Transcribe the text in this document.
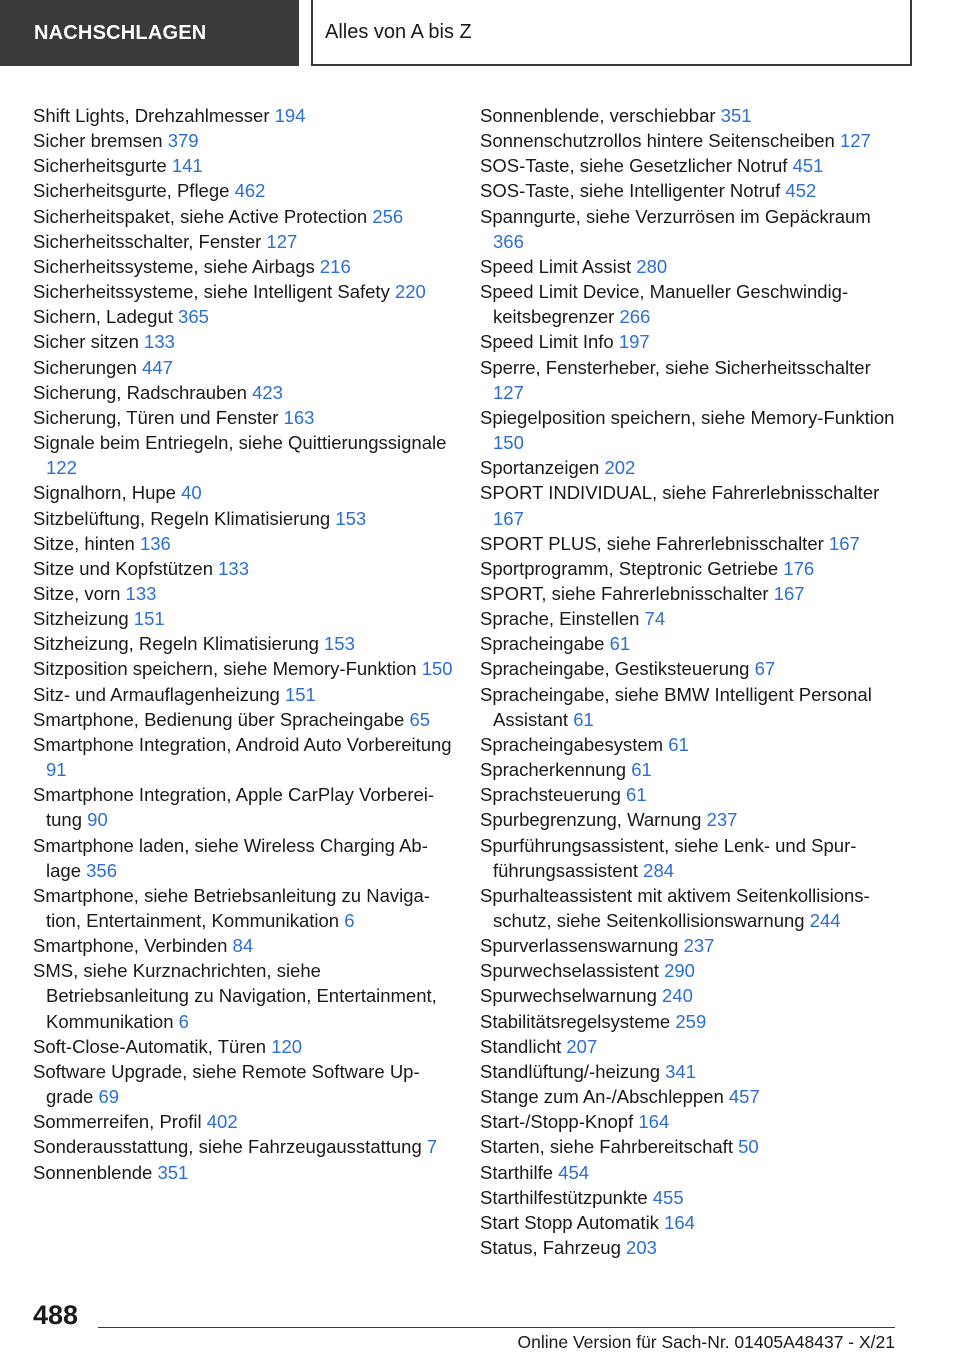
NACHSCHLAGEN	Alles von A bis Z

Shift Lights, Drehzahlmesser 194

Sicher bremsen 379

Sicherheitsgurte 141

Sicherheitsgurte, Pflege 462

Sicherheitspaket, siehe Active Protection 256

Sicherheitsschalter, Fenster 127

Sicherheitssysteme, siehe Airbags 216

Sicherheitssysteme, siehe Intelligent Safety 220

Sichern, Ladegut 365

Sicher sitzen 133

Sicherungen 447

Sicherung, Radschrauben 423

Sicherung, Türen und Fenster 163

Signale beim Entriegeln, siehe Quittierungssignale 122

Signalhorn, Hupe 40

Sitzbelüftung, Regeln Klimatisierung 153

Sitze, hinten 136

Sitze und Kopfstützen 133

Sitze, vorn 133

Sitzheizung 151

Sitzheizung, Regeln Klimatisierung 153

Sitzposition speichern, siehe Memory-Funktion 150

Sitz- und Armauflagenheizung 151

Smartphone, Bedienung über Spracheingabe 65

Smartphone Integration, Android Auto Vorbereitung 91

Smartphone Integration, Apple CarPlay Vorbereitung 90

Smartphone laden, siehe Wireless Charging Ablage 356

Smartphone, siehe Betriebsanleitung zu Navigation, Entertainment, Kommunikation 6

Smartphone, Verbinden 84

SMS, siehe Kurznachrichten, siehe Betriebsanleitung zu Navigation, Entertainment, Kommunikation 6

Soft-Close-Automatik, Türen 120

Software Upgrade, siehe Remote Software Upgrade 69

Sommerreifen, Profil 402

Sonderausstattung, siehe Fahrzeugausstattung 7

Sonnenblende 351

Sonnenblende, verschiebbar 351

Sonnenschutzrollos hintere Seitenscheiben 127

SOS-Taste, siehe Gesetzlicher Notruf 451

SOS-Taste, siehe Intelligenter Notruf 452

Spanngurte, siehe Verzurrösen im Gepäckraum 366

Speed Limit Assist 280

Speed Limit Device, Manueller Geschwindigkeitsbegrenzer 266

Speed Limit Info 197

Sperre, Fensterheber, siehe Sicherheitsschalter 127

Spiegelposition speichern, siehe Memory-Funktion 150

Sportanzeigen 202

SPORT INDIVIDUAL, siehe Fahrerlebnisschalter 167

SPORT PLUS, siehe Fahrerlebnisschalter 167

Sportprogramm, Steptronic Getriebe 176

SPORT, siehe Fahrerlebnisschalter 167

Sprache, Einstellen 74

Spracheingabe 61

Spracheingabe, Gestiksteuerung 67

Spracheingabe, siehe BMW Intelligent Personal Assistant 61

Spracheingabesystem 61

Spracherkennung 61

Sprachsteuerung 61

Spurbegrenzung, Warnung 237

Spurführungsassistent, siehe Lenk- und Spurführungsassistent 284

Spurhalteassistent mit aktivem Seitenkollisionsschutz, siehe Seitenkollisionswarnung 244

Spurverlassenswarnung 237

Spurwechselassistent 290

Spurwechselwarnung 240

Stabilitätsregelsysteme 259

Standlicht 207

Standlüftung/-heizung 341

Stange zum An-/Abschleppen 457

Start-/Stopp-Knopf 164

Starten, siehe Fahrbereitschaft 50

Starthilfe 454

Starthilfestützpunkte 455

Start Stopp Automatik 164

Status, Fahrzeug 203

488
Online Version für Sach-Nr. 01405A48437 - X/21
